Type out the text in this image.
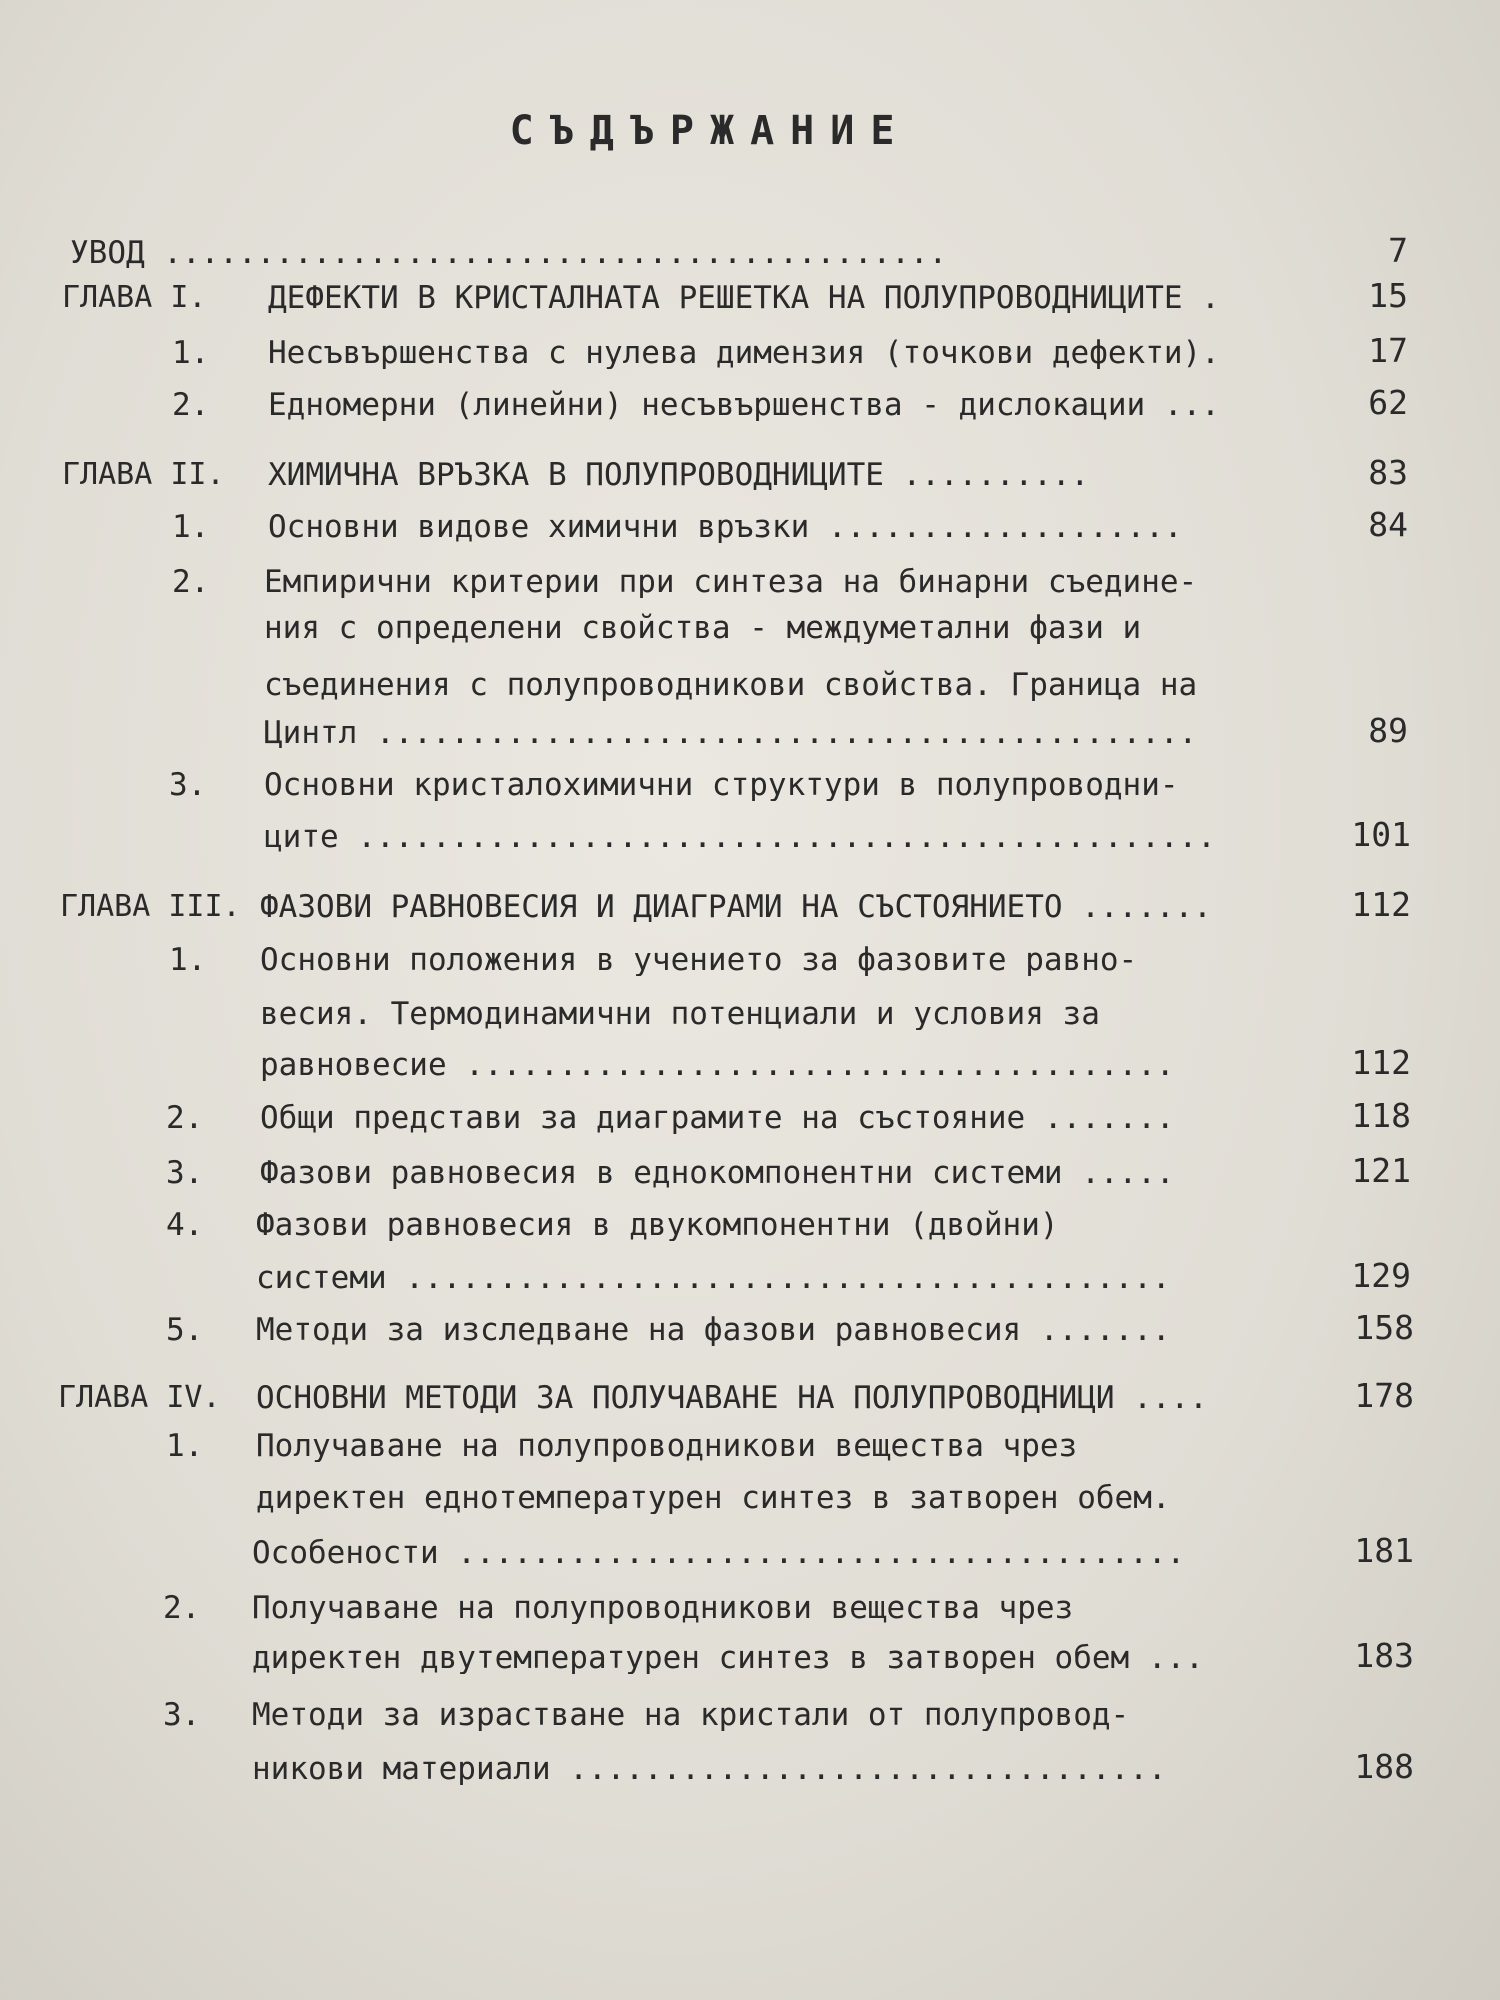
СЪДЪРЖАНИЕ
УВОД ..........................................	7
ГЛАВА I. ДЕФЕКТИ В КРИСТАЛНАТА РЕШЕТКА НА ПОЛУПРОВОДНИЦИТЕ .	15
1. Несъвършенства с нулева димензия (точкови дефекти).	17
2. Едномерни (линейни) несъвършенства - дислокации ...	62
ГЛАВА II. ХИМИЧНА ВРЪЗКА В ПОЛУПРОВОДНИЦИТЕ ..........	83
1. Основни видове химични връзки ...................	84
2. Емпирични критерии при синтеза на бинарни съедине-
ния с определени свойства - междуметални фази и
съединения с полупроводникови свойства. Граница на
Цинтл ............................................	89
3. Основни кристалохимични структури в полупроводни-
ците ..............................................	101
ГЛАВА III. ФАЗОВИ РАВНОВЕСИЯ И ДИАГРАМИ НА СЪСТОЯНИЕТО .......	112
1. Основни положения в учението за фазовите равно-
весия. Термодинамични потенциали и условия за
равновесие ......................................	112
2. Общи представи за диаграмите на състояние .......	118
3. Фазови равновесия в еднокомпонентни системи .....	121
4. Фазови равновесия в двукомпонентни (двойни)
системи .........................................	129
5. Методи за изследване на фазови равновесия .......	158
ГЛАВА IV. ОСНОВНИ МЕТОДИ ЗА ПОЛУЧАВАНЕ НА ПОЛУПРОВОДНИЦИ ....	178
1. Получаване на полупроводникови вещества чрез
директен еднотемпературен синтез в затворен обем.
Особености .......................................	181
2. Получаване на полупроводникови вещества чрез
директен двутемпературен синтез в затворен обем ...	183
3. Методи за израстване на кристали от полупровод-
никови материали ................................	188
